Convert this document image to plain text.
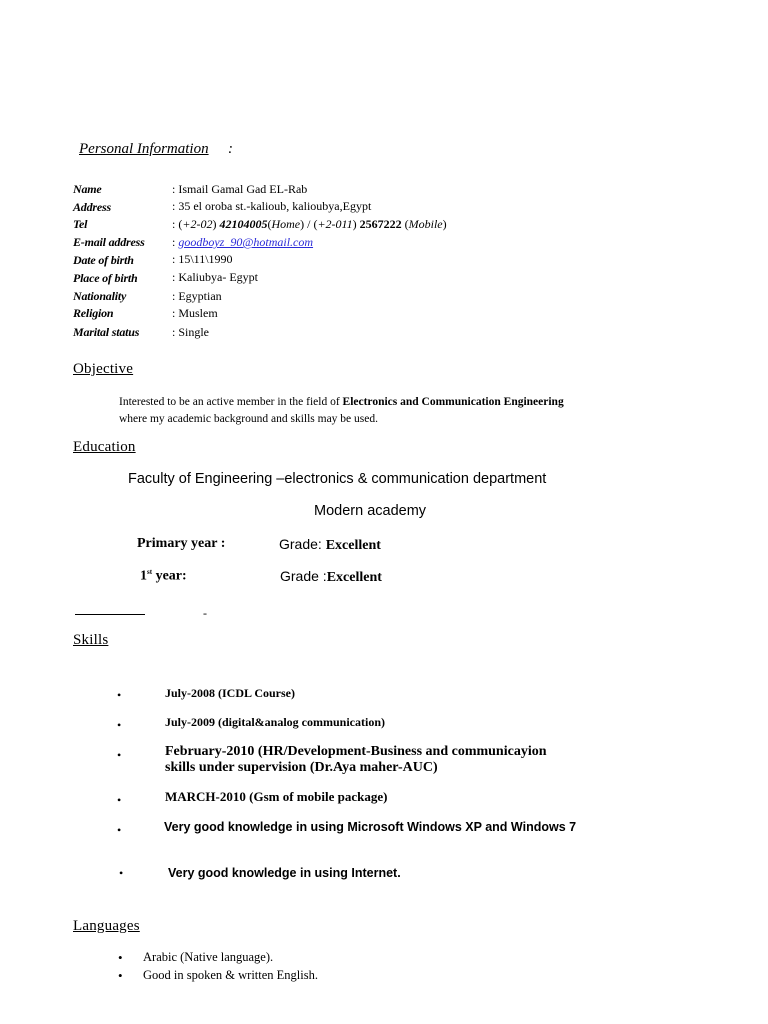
Personal Information :
Name	: Ismail Gamal Gad EL-Rab
Address	: 35 el oroba st.-kalioub, kalioubya,Egypt
Tel	: (+2-02) 42104005(Home) / (+2-011) 2567222 (Mobile)
E-mail address : goodboyz_90@hotmail.com
Date of birth	: 15\11\1990
Place of birth	: Kaliubya- Egypt
Nationality	: Egyptian
Religion	: Muslem
Marital status	: Single
Objective
Interested to be an active member in the field of Electronics and Communication Engineering where my academic background and skills may be used.
Education
Faculty of Engineering –electronics & communication department
Modern academy
Primary year :	Grade: Excellent
1st year:	Grade :Excellent
-
Skills
•	July-2008 (ICDL Course)
•	July-2009 (digital&analog communication)
•	February-2010 (HR/Development-Business and communicayion
skills under supervision (Dr.Aya maher-AUC)
•	MARCH-2010 (Gsm of mobile package)
•	Very good knowledge in using Microsoft Windows XP and Windows 7
•	Very good knowledge in using Internet.
Languages
• Arabic (Native language).
• Good in spoken & written English.
